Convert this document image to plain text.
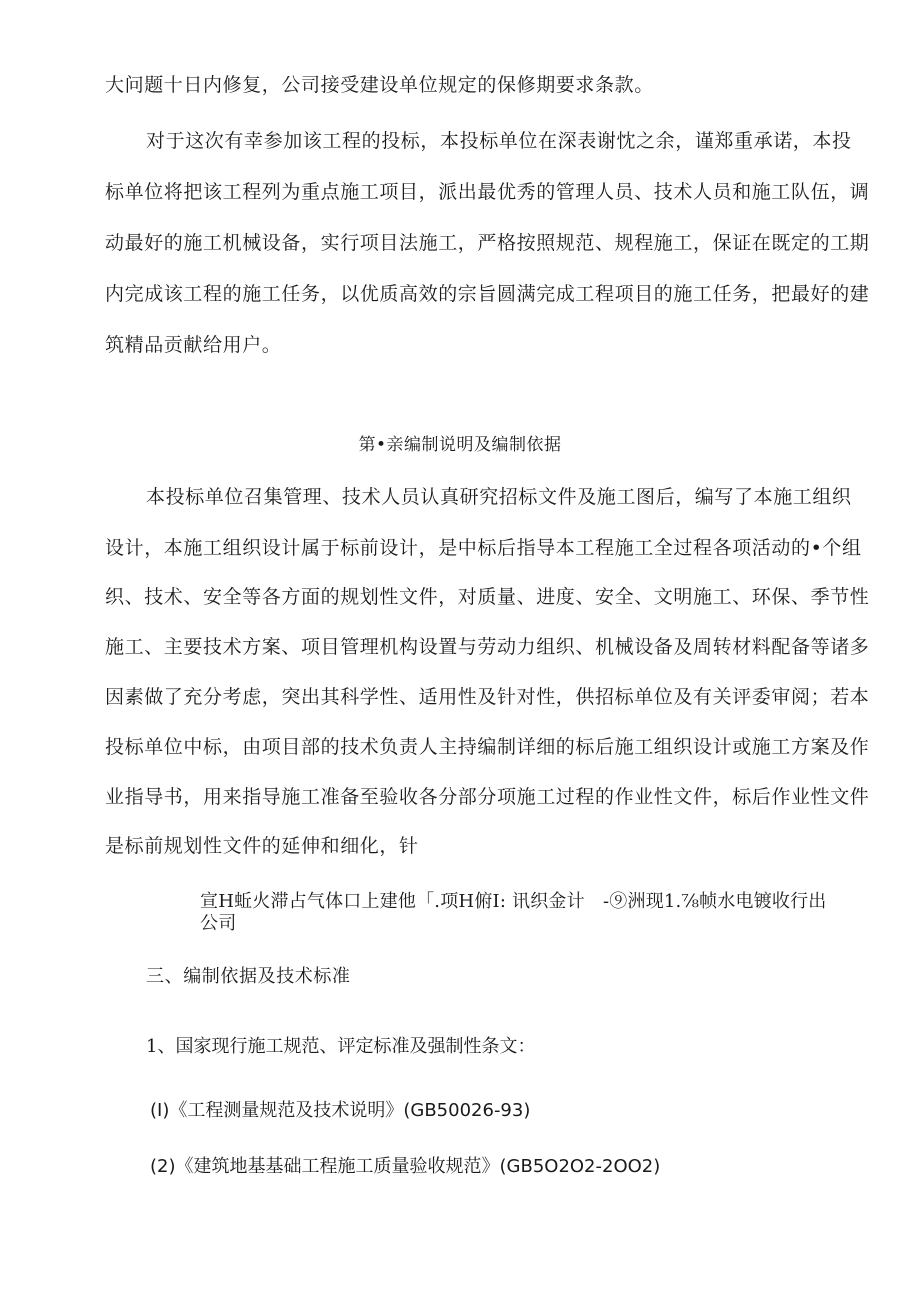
大问题十日内修复，公司接受建设单位规定的保修期要求条款。
对于这次有幸参加该工程的投标，本投标单位在深表谢忱之余，谨郑重承诺，本投
标单位将把该工程列为重点施工项目，派出最优秀的管理人员、技术人员和施工队伍，调
动最好的施工机械设备，实行项目法施工，严格按照规范、规程施工，保证在既定的工期
内完成该工程的施工任务，以优质高效的宗旨圆满完成工程项目的施工任务，把最好的建
筑精品贡献给用户。
第•亲编制说明及编制依据
本投标单位召集管理、技术人员认真研究招标文件及施工图后，编写了本施工组织
设计，本施工组织设计属于标前设计，是中标后指导本工程施工全过程各项活动的•个组
织、技术、安全等各方面的规划性文件，对质量、进度、安全、文明施工、环保、季节性
施工、主要技术方案、项目管理机构设置与劳动力组织、机械设备及周转材料配备等诸多
因素做了充分考虑，突出其科学性、适用性及针对性，供招标单位及有关评委审阅；若本
投标单位中标，由项目部的技术负责人主持编制详细的标后施工组织设计或施工方案及作
业指导书，用来指导施工准备至验收各分部分项施工过程的作业性文件，标后作业性文件
是标前规划性文件的延伸和细化，针
宣H蚯火滞占气体口上建他「.项H俯I: 讯织金计　-⑨洲现1.⅞帧水电镀收行出
公司
三、编制依据及技术标准
1、国家现行施工规范、评定标准及强制性条文：
(I)《工程测量规范及技术说明》(GB50026-93)
(2)《建筑地基基础工程施工质量验收规范》(GB5O2O2-2OO2)
